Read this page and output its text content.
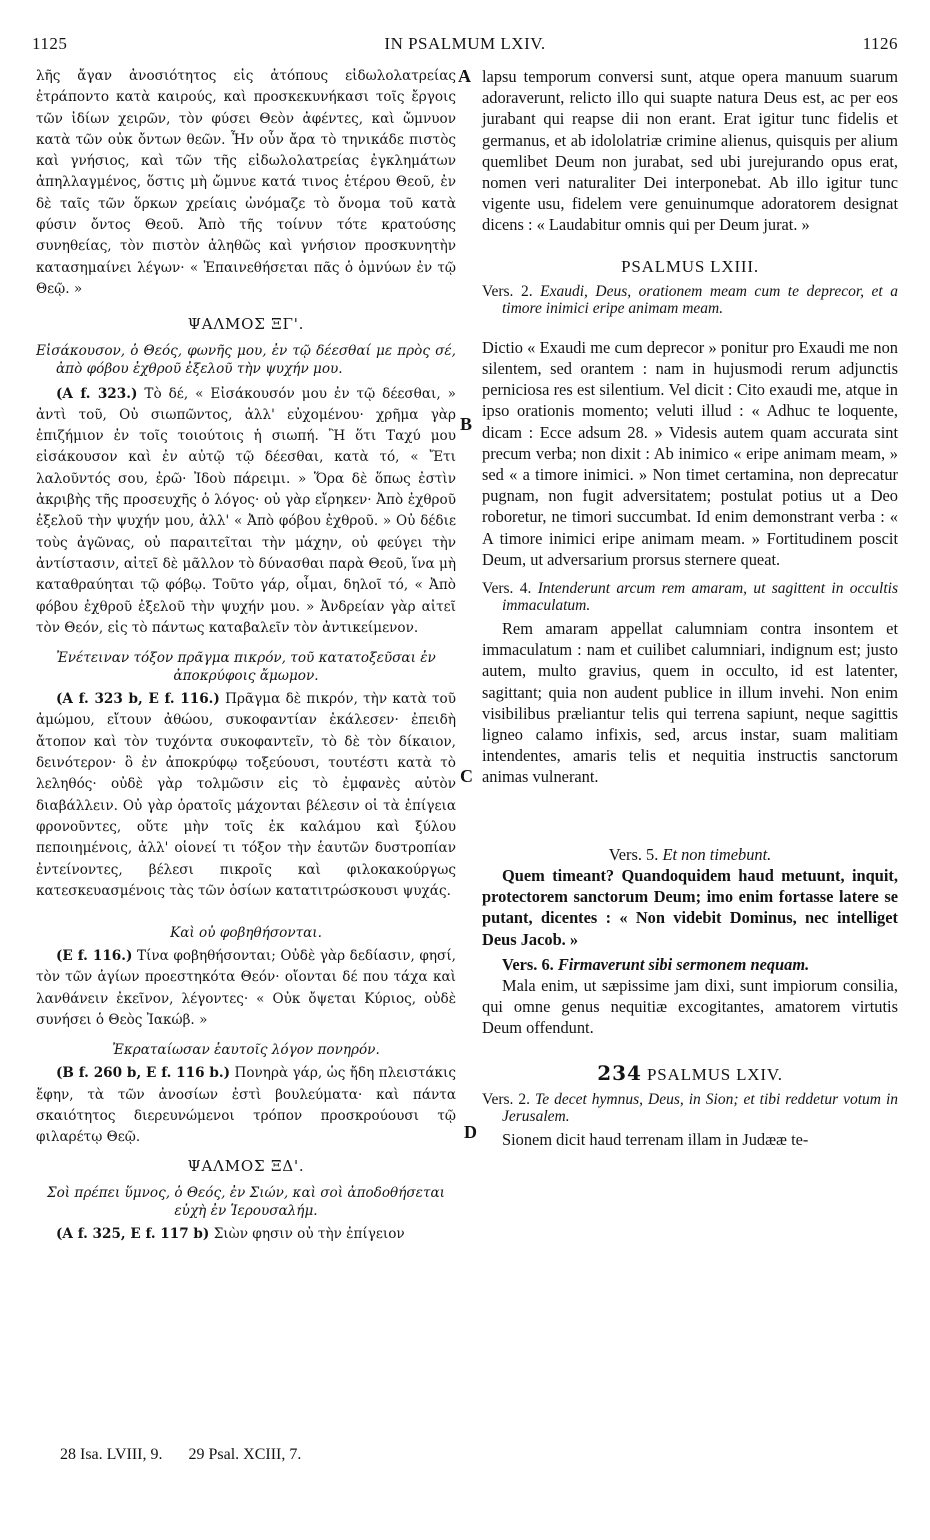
1125	IN PSALMUM LXIV.	1126
A
B
C
D

λῆς ἄγαν ἀνοσιότητος εἰς ἀτόπους εἰδωλολατρείας ἐτράποντο κατὰ καιρούς, καὶ προσκεκυνήκασι τοῖς ἔργοις τῶν ἰδίων χειρῶν, τὸν φύσει Θεὸν ἀφέντες, καὶ ὤμνυον κατὰ τῶν οὐκ ὄντων θεῶν. Ἦν οὖν ἄρα τὸ τηνικάδε πιστὸς καὶ γνήσιος, καὶ τῶν τῆς εἰδωλολατρείας ἐγκλημάτων ἀπηλλαγμένος, ὅστις μὴ ὤμνυε κατά τινος ἑτέρου Θεοῦ, ἐν δὲ ταῖς τῶν ὅρκων χρείαις ὠνόμαζε τὸ ὄνομα τοῦ κατὰ φύσιν ὄντος Θεοῦ. Ἀπὸ τῆς τοίνυν τότε κρατούσης συνηθείας, τὸν πιστὸν ἀληθῶς καὶ γνήσιον προσκυνητὴν κατασημαίνει λέγων· « Ἐπαινεθήσεται πᾶς ὁ ὀμνύων ἐν τῷ Θεῷ. »

ΨΑΛΜΟΣ ΞΓ'.

Εἰσάκουσον, ὁ Θεός, φωνῆς μου, ἐν τῷ δέεσθαί με πρὸς σέ, ἀπὸ φόβου ἐχθροῦ ἐξελοῦ τὴν ψυχήν μου.

(A f. 323.) Τὸ δέ, « Εἰσάκουσόν μου ἐν τῷ δέεσθαι, » ἀντὶ τοῦ, Οὐ σιωπῶντος, ἀλλ' εὐχομένου· χρῆμα γὰρ ἐπιζήμιον ἐν τοῖς τοιούτοις ἡ σιωπή. Ἢ ὅτι Ταχύ μου εἰσάκουσον καὶ ἐν αὐτῷ τῷ δέεσθαι, κατὰ τό, « Ἔτι λαλοῦντός σου, ἐρῶ· Ἰδοὺ πάρειμι. » Ὅρα δὲ ὅπως ἐστὶν ἀκριβὴς τῆς προσευχῆς ὁ λόγος· οὐ γὰρ εἴρηκεν· Ἀπὸ ἐχθροῦ ἐξελοῦ τὴν ψυχήν μου, ἀλλ' « Ἀπὸ φόβου ἐχθροῦ. » Οὐ δέδιε τοὺς ἀγῶνας, οὐ παραιτεῖται τὴν μάχην, οὐ φεύγει τὴν ἀντίστασιν, αἰτεῖ δὲ μᾶλλον τὸ δύνασθαι παρὰ Θεοῦ, ἵνα μὴ καταθραύηται τῷ φόβῳ. Τοῦτο γάρ, οἶμαι, δηλοῖ τό, « Ἀπὸ φόβου ἐχθροῦ ἐξελοῦ τὴν ψυχήν μου. » Ἀνδρείαν γὰρ αἰτεῖ τὸν Θεόν, εἰς τὸ πάντως καταβαλεῖν τὸν ἀντικείμενον.

Ἐνέτειναν τόξον πρᾶγμα πικρόν, τοῦ κατατοξεῦσαι ἐν ἀποκρύφοις ἄμωμον.

(A f. 323 b, E f. 116.) Πρᾶγμα δὲ πικρόν, τὴν κατὰ τοῦ ἀμώμου, εἴτουν ἀθώου, συκοφαντίαν ἐκάλεσεν· ἐπειδὴ ἄτοπον καὶ τὸν τυχόντα συκοφαντεῖν, τὸ δὲ τὸν δίκαιον, δεινότερον· ὃ ἐν ἀποκρύφῳ τοξεύουσι, τουτέστι κατὰ τὸ λεληθός· οὐδὲ γὰρ τολμῶσιν εἰς τὸ ἐμφανὲς αὐτὸν διαβάλλειν. Οὐ γὰρ ὁρατοῖς μάχονται βέλεσιν οἱ τὰ ἐπίγεια φρονοῦντες, οὔτε μὴν τοῖς ἐκ καλάμου καὶ ξύλου πεποιημένοις, ἀλλ' οἱονεί τι τόξον τὴν ἑαυτῶν δυστροπίαν ἐντείνοντες, βέλεσι πικροῖς καὶ φιλοκακούργως κατεσκευασμένοις τὰς τῶν ὁσίων κατατιτρώσκουσι ψυχάς.

Καὶ οὐ φοβηθήσονται.

(E f. 116.) Τίνα φοβηθήσονται; Οὐδὲ γὰρ δεδίασιν, φησί, τὸν τῶν ἁγίων προεστηκότα Θεόν· οἴονται δέ που τάχα καὶ λανθάνειν ἐκεῖνον, λέγοντες· « Οὐκ ὄψεται Κύριος, οὐδὲ συνήσει ὁ Θεὸς Ἰακώβ. »

Ἐκραταίωσαν ἑαυτοῖς λόγον πονηρόν.

(B f. 260 b, E f. 116 b.) Πονηρὰ γάρ, ὡς ἤδη πλειστάκις ἔφην, τὰ τῶν ἀνοσίων ἐστὶ βουλεύματα· καὶ πάντα σκαιότητος διερευνώμενοι τρόπον προσκρούουσι τῷ φιλαρέτῳ Θεῷ.

ΨΑΛΜΟΣ ΞΔ'.

Σοὶ πρέπει ὕμνος, ὁ Θεός, ἐν Σιών, καὶ σοὶ ἀποδοθήσεται εὐχὴ ἐν Ἱερουσαλήμ.

(A f. 325, E f. 117 b) Σιὼν φησιν οὐ τὴν ἐπίγειον

lapsu temporum conversi sunt, atque opera manuum suarum adoraverunt, relicto illo qui suapte natura Deus est, ac per eos jurabant qui reapse dii non erant. Erat igitur tunc fidelis et germanus, et ab idololatriæ crimine alienus, quisquis per alium quemlibet Deum non jurabat, sed ubi jurejurando opus erat, nomen veri naturaliter Dei interponebat. Ab illo igitur tunc vigente usu, fidelem vere genuinumque adoratorem designat dicens : « Laudabitur omnis qui per Deum jurat. »

PSALMUS LXIII.

Vers. 2. Exaudi, Deus, orationem meam cum te deprecor, et a timore inimici eripe animam meam.

Dictio « Exaudi me cum deprecor » ponitur pro Exaudi me non silentem, sed orantem : nam in hujusmodi rerum adjunctis perniciosa res est silentium. Vel dicit : Cito exaudi me, atque in ipso orationis momento; veluti illud : « Adhuc te loquente, dicam : Ecce adsum 28. » Videsis autem quam accurata sint precum verba; non dixit : Ab inimico « eripe animam meam, » sed « a timore inimici. » Non timet certamina, non deprecatur pugnam, non fugit adversitatem; postulat potius ut a Deo roboretur, ne timori succumbat. Id enim demonstrant verba : « A timore inimici eripe animam meam. » Fortitudinem poscit Deum, ut adversarium prorsus sternere queat.

Vers. 4. Intenderunt arcum rem amaram, ut sagittent in occultis immaculatum.

Rem amaram appellat calumniam contra insontem et immaculatum : nam et cuilibet calumniari, indignum est; justo autem, multo gravius, quem in occulto, id est latenter, sagittant; quia non audent publice in illum invehi. Non enim visibilibus præliantur telis qui terrena sapiunt, neque sagittis ligneo calamo infixis, sed, arcus instar, suam malitiam intendentes, amaris telis et nequitia instructis sanctorum animas vulnerant.

Vers. 5. Et non timebunt.

Quem timeant? Quandoquidem haud metuunt, inquit, protectorem sanctorum Deum; imo enim fortasse latere se putant, dicentes : « Non videbit Dominus, nec intelliget Deus Jacob. »

Vers. 6. Firmaverunt sibi sermonem nequam.

Mala enim, ut sæpissime jam dixi, sunt impiorum consilia, qui omne genus nequitiæ excogitantes, amatorem virtutis Deum offendunt.

234 PSALMUS LXIV.

Vers. 2. Te decet hymnus, Deus, in Sion; et tibi reddetur votum in Jerusalem.

Sionem dicit haud terrenam illam in Judææ te-

28 Isa. LVIII, 9. 29 Psal. XCIII, 7.
